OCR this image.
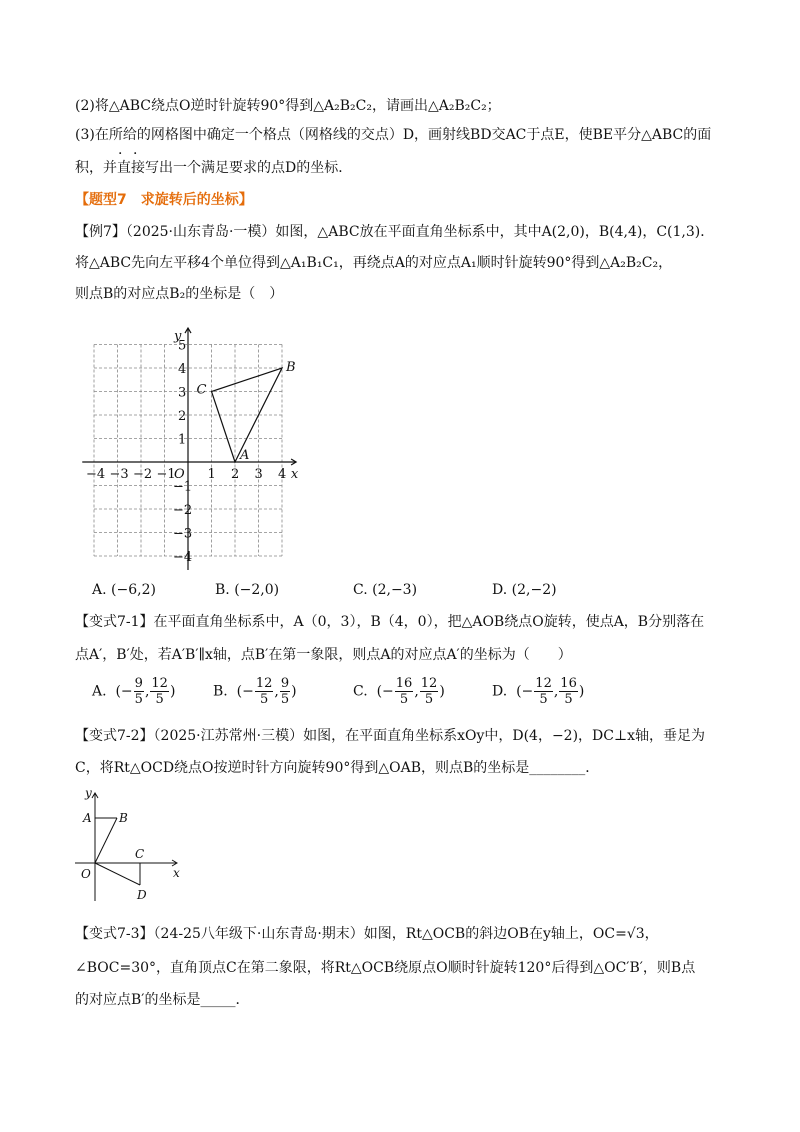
(2)将△ABC绕点O逆时针旋转90°得到△A₂B₂C₂，请画出△A₂B₂C₂；
(3)在所给的网格图中确定一个格点（网格线的交点）D，画射线BD交AC于点E，使BE平分△ABC的面
积，并直接写出一个满足要求的点D的坐标．
· ·
【题型7　求旋转后的坐标】
【例7】（2025·山东青岛·一模）如图，△ABC放在平面直角坐标系中，其中A(2,0)，B(4,4)，C(1,3)．
将△ABC先向左平移4个单位得到△A₁B₁C₁，再绕点A的对应点A₁顺时针旋转90°得到△A₂B₂C₂，
则点B的对应点B₂的坐标是（　）
−4 −3 −2 −1 1 2 3 4
5
4
3
2
1
−1
−2
−3
−4
O	x
y
A
B
C
A. (−6,2)	B. (−2,0)	C. (2,−3)	D. (2,−2)
【变式7-1】在平面直角坐标系中，A（0，3），B（4，0），把△AOB绕点O旋转，使点A，B分别落在
点A′，B′处，若A′B′∥x轴，点B′在第一象限，则点A的对应点A′的坐标为（　　）
A. (− $\frac{9}{5}$ , $\frac{12}{5}$ )	B. (− $\frac{12}{5}$ , $\frac{9}{5}$ )	C. (− $\frac{16}{5}$ , $\frac{12}{5}$ )	D. (− $\frac{12}{5}$ , $\frac{16}{5}$ )
【变式7-2】（2025·江苏常州·三模）如图，在平面直角坐标系xOy中，D(4，−2)，DC⊥x轴，垂足为
C，将Rt△OCD绕点O按逆时针方向旋转90°得到△OAB，则点B的坐标是________．
y
x
O
A B
C
D
【变式7-3】（24-25八年级下·山东青岛·期末）如图，Rt△OCB的斜边OB在y轴上，OC=√3，
∠BOC=30°，直角顶点C在第二象限，将Rt△OCB绕原点O顺时针旋转120°后得到△OC′B′，则B点
的对应点B′的坐标是_____．
